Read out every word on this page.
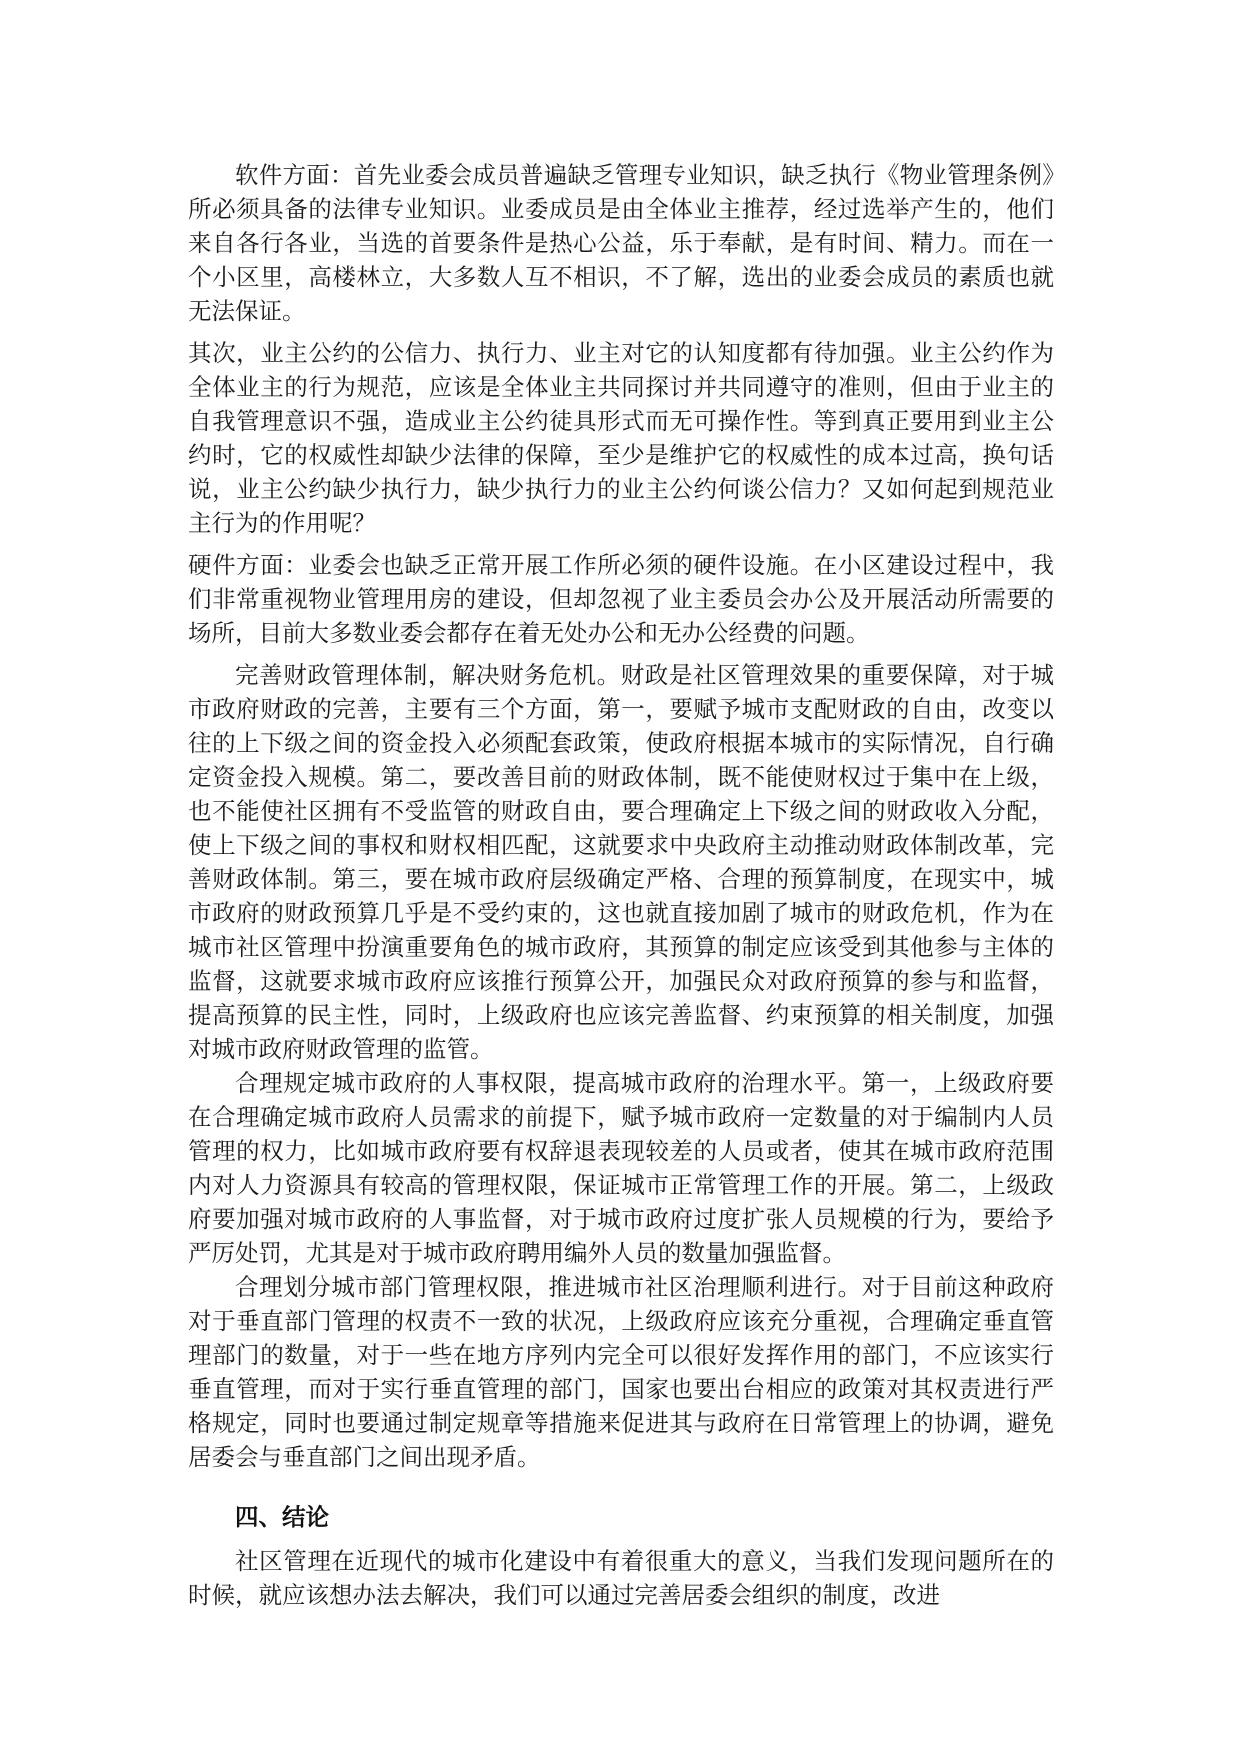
软件方面：首先业委会成员普遍缺乏管理专业知识，缺乏执行《物业管理条例》所必须具备的法律专业知识。业委成员是由全体业主推荐，经过选举产生的，他们来自各行各业，当选的首要条件是热心公益，乐于奉献，是有时间、精力。而在一个小区里，高楼林立，大多数人互不相识，不了解，选出的业委会成员的素质也就无法保证。

其次，业主公约的公信力、执行力、业主对它的认知度都有待加强。业主公约作为全体业主的行为规范，应该是全体业主共同探讨并共同遵守的准则，但由于业主的自我管理意识不强，造成业主公约徒具形式而无可操作性。等到真正要用到业主公约时，它的权威性却缺少法律的保障，至少是维护它的权威性的成本过高，换句话说，业主公约缺少执行力，缺少执行力的业主公约何谈公信力？又如何起到规范业主行为的作用呢？

硬件方面：业委会也缺乏正常开展工作所必须的硬件设施。在小区建设过程中，我们非常重视物业管理用房的建设，但却忽视了业主委员会办公及开展活动所需要的场所，目前大多数业委会都存在着无处办公和无办公经费的问题。

完善财政管理体制，解决财务危机。财政是社区管理效果的重要保障，对于城市政府财政的完善，主要有三个方面，第一，要赋予城市支配财政的自由，改变以往的上下级之间的资金投入必须配套政策，使政府根据本城市的实际情况，自行确定资金投入规模。第二，要改善目前的财政体制，既不能使财权过于集中在上级，也不能使社区拥有不受监管的财政自由，要合理确定上下级之间的财政收入分配，使上下级之间的事权和财权相匹配，这就要求中央政府主动推动财政体制改革，完善财政体制。第三，要在城市政府层级确定严格、合理的预算制度，在现实中，城市政府的财政预算几乎是不受约束的，这也就直接加剧了城市的财政危机，作为在城市社区管理中扮演重要角色的城市政府，其预算的制定应该受到其他参与主体的监督，这就要求城市政府应该推行预算公开，加强民众对政府预算的参与和监督，提高预算的民主性，同时，上级政府也应该完善监督、约束预算的相关制度，加强对城市政府财政管理的监管。

合理规定城市政府的人事权限，提高城市政府的治理水平。第一，上级政府要在合理确定城市政府人员需求的前提下，赋予城市政府一定数量的对于编制内人员管理的权力，比如城市政府要有权辞退表现较差的人员或者，使其在城市政府范围内对人力资源具有较高的管理权限，保证城市正常管理工作的开展。第二，上级政府要加强对城市政府的人事监督，对于城市政府过度扩张人员规模的行为，要给予严厉处罚，尤其是对于城市政府聘用编外人员的数量加强监督。

合理划分城市部门管理权限，推进城市社区治理顺利进行。对于目前这种政府对于垂直部门管理的权责不一致的状况，上级政府应该充分重视，合理确定垂直管理部门的数量，对于一些在地方序列内完全可以很好发挥作用的部门，不应该实行垂直管理，而对于实行垂直管理的部门，国家也要出台相应的政策对其权责进行严格规定，同时也要通过制定规章等措施来促进其与政府在日常管理上的协调，避免居委会与垂直部门之间出现矛盾。

四、结论

社区管理在近现代的城市化建设中有着很重大的意义，当我们发现问题所在的时候，就应该想办法去解决，我们可以通过完善居委会组织的制度，改进
